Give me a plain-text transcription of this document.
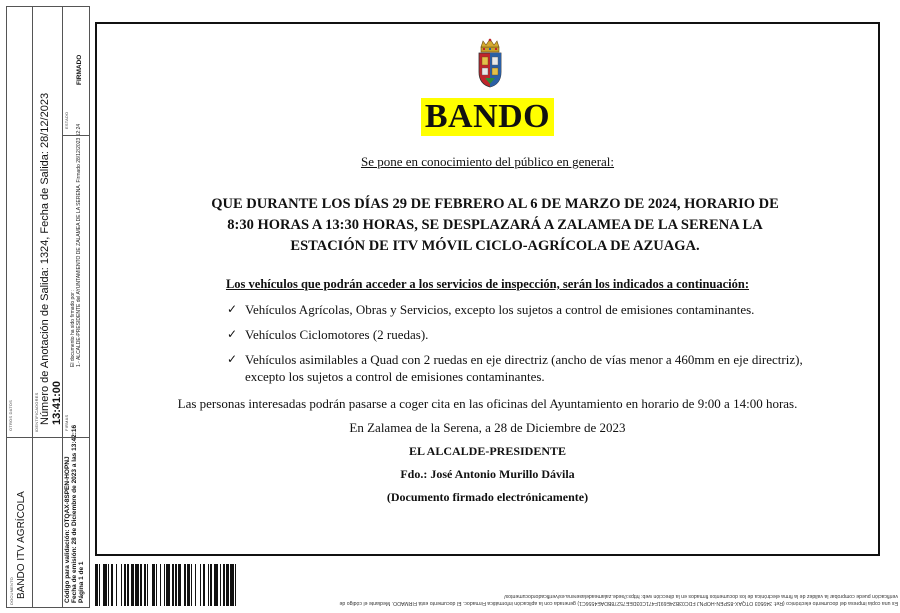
DOCUMENTO BANDO ITV AGRÍCOLA
OTROS DATOS	IDENTIFICADORES Número de Anotación de Salida: 1324, Fecha de Salida: 28/12/2023 13:41:00
Código para validación: OTQAX-8SPEN-HOPNJ Fecha de emisión: 28 de Diciembre de 2023 a las 13:42:16 Página 1 de 1
FIRMAS
El documento ha sido firmado por : 1.- ALCALDE-PRESIDENTE del AYUNTAMIENTO DE ZALAMEA DE LA SERENA. Firmado 28/12/2023 12:24
ESTADO
FIRMADO
BANDO
Se pone en conocimiento del público en general:
QUE DURANTE LOS DÍAS 29 DE FEBRERO AL 6 DE MARZO DE 2024, HORARIO DE 8:30 HORAS A 13:30 HORAS, SE DESPLAZARÁ A ZALAMEA DE LA SERENA LA ESTACIÓN DE ITV MÓVIL CICLO-AGRÍCOLA DE AZUAGA.
Los vehículos que podrán acceder a los servicios de inspección, serán los indicados a continuación:
✓ Vehículos Agrícolas, Obras y Servicios, excepto los sujetos a control de emisiones contaminantes.
✓ Vehículos Ciclomotores (2 ruedas).
✓ Vehículos asimilables a Quad con 2 ruedas en eje directriz (ancho de vías menor a 460mm en eje directriz), excepto los sujetos a control de emisiones contaminantes.
Las personas interesadas podrán pasarse a coger cita en las oficinas del Ayuntamiento en horario de 9:00 a 14:00 horas.
En Zalamea de la Serena, a 28 de Diciembre de 2023
EL ALCALDE-PRESIDENTE
Fdo.: José Antonio Murillo Dávila
(Documento firmado electrónicamente)
Es una copia impresa del documento electrónico (Ref: 349503 OTQAX-8SPEN-HOPNJ FDC03B24E691F471C03DEE75278BDAE4556C1) generada con la aplicación informática Firmadoc. El documento está FIRMADO. Mediante el código de
verificación puede comprobar la validez de la firma electrónica de los documentos firmados en la dirección web: https://sede.zalameadelaserena.es/verificadordocumentos/
